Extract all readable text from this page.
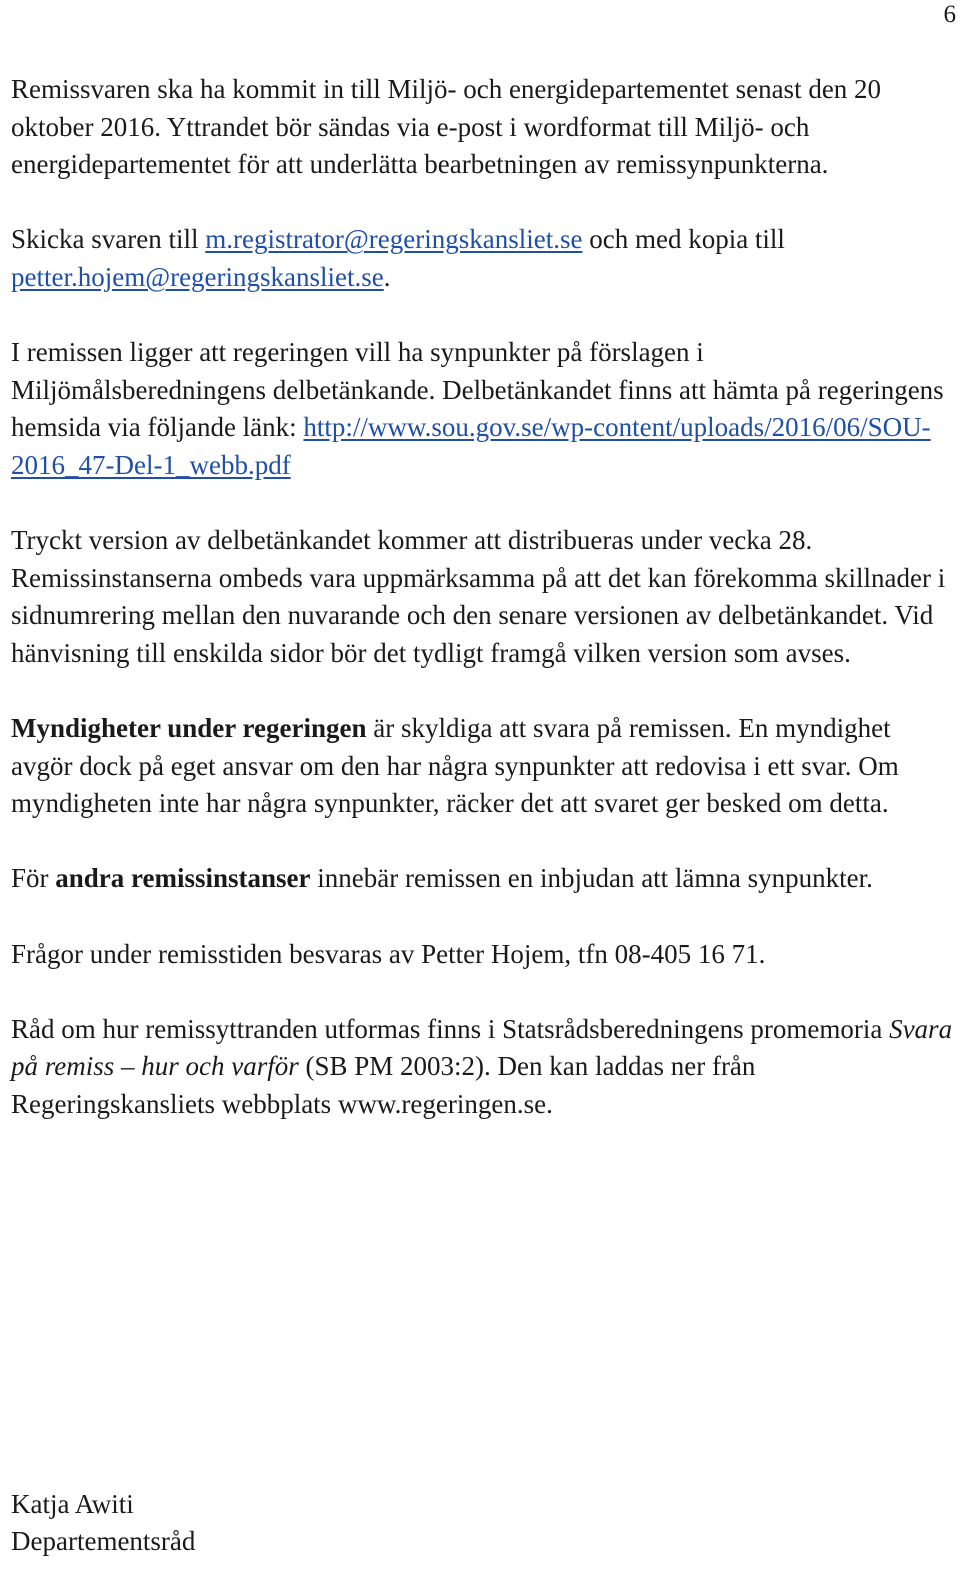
6

Remissvaren ska ha kommit in till Miljö- och energidepartementet senast den 20 oktober 2016. Yttrandet bör sändas via e-post i wordformat till Miljö- och energidepartementet för att underlätta bearbetningen av remissynpunkterna.

Skicka svaren till m.registrator@regeringskansliet.se och med kopia till petter.hojem@regeringskansliet.se.

I remissen ligger att regeringen vill ha synpunkter på förslagen i Miljömålsberedningens delbetänkande. Delbetänkandet finns att hämta på regeringens hemsida via följande länk: http://www.sou.gov.se/wp-content/uploads/2016/06/SOU-2016_47-Del-1_webb.pdf

Tryckt version av delbetänkandet kommer att distribueras under vecka 28. Remissinstanserna ombeds vara uppmärksamma på att det kan förekomma skillnader i sidnumrering mellan den nuvarande och den senare versionen av delbetänkandet. Vid hänvisning till enskilda sidor bör det tydligt framgå vilken version som avses.

Myndigheter under regeringen är skyldiga att svara på remissen. En myndighet avgör dock på eget ansvar om den har några synpunkter att redovisa i ett svar. Om myndigheten inte har några synpunkter, räcker det att svaret ger besked om detta.

För andra remissinstanser innebär remissen en inbjudan att lämna synpunkter.

Frågor under remisstiden besvaras av Petter Hojem, tfn 08-405 16 71.

Råd om hur remissyttranden utformas finns i Statsrådsberedningens promemoria Svara på remiss – hur och varför (SB PM 2003:2). Den kan laddas ner från Regeringskansliets webbplats www.regeringen.se.

Katja Awiti
Departementsråd
